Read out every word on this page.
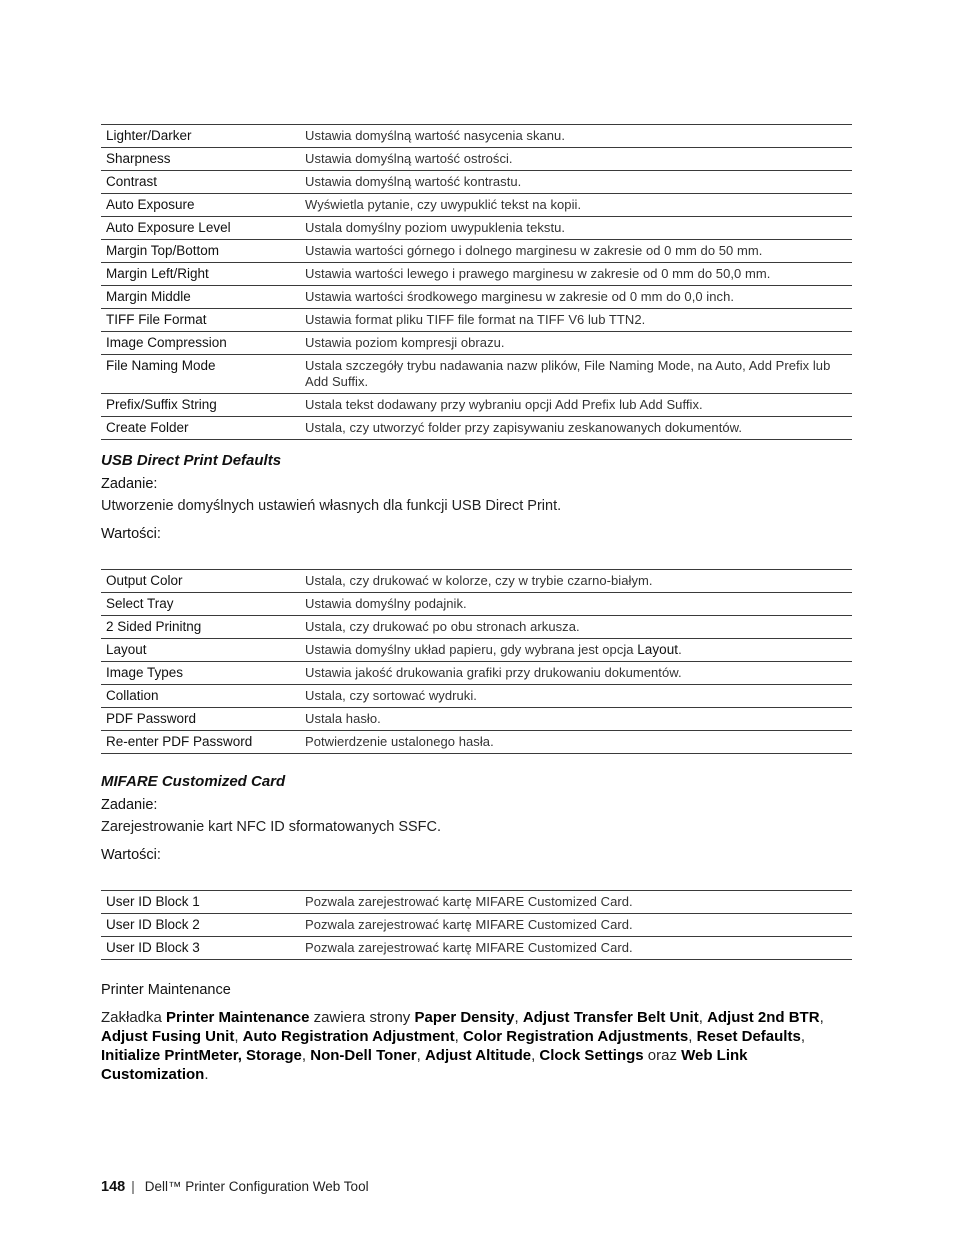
Lighter/Darker	Ustawia domyślną wartość nasycenia skanu.
Sharpness	Ustawia domyślną wartość ostrości.
Contrast	Ustawia domyślną wartość kontrastu.
Auto Exposure	Wyświetla pytanie, czy uwypuklić tekst na kopii.
Auto Exposure Level	Ustala domyślny poziom uwypuklenia tekstu.
Margin Top/Bottom	Ustawia wartości górnego i dolnego marginesu w zakresie od 0 mm do 50 mm.
Margin Left/Right	Ustawia wartości lewego i prawego marginesu w zakresie od 0 mm do 50,0 mm.
Margin Middle	Ustawia wartości środkowego marginesu w zakresie od 0 mm do 0,0 inch.
TIFF File Format	Ustawia format pliku TIFF file format na TIFF V6 lub TTN2.
Image Compression	Ustawia poziom kompresji obrazu.
File Naming Mode	Ustala szczegóły trybu nadawania nazw plików, File Naming Mode, na Auto, Add Prefix lub Add Suffix.
Prefix/Suffix String	Ustala tekst dodawany przy wybraniu opcji Add Prefix lub Add Suffix.
Create Folder	Ustala, czy utworzyć folder przy zapisywaniu zeskanowanych dokumentów.
USB Direct Print Defaults
Zadanie:
Utworzenie domyślnych ustawień własnych dla funkcji USB Direct Print.
Wartości:
Output Color	Ustala, czy drukować w kolorze, czy w trybie czarno-białym.
Select Tray	Ustawia domyślny podajnik.
2 Sided Prinitng	Ustala, czy drukować po obu stronach arkusza.
Layout	Ustawia domyślny układ papieru, gdy wybrana jest opcja Layout.
Image Types	Ustawia jakość drukowania grafiki przy drukowaniu dokumentów.
Collation	Ustala, czy sortować wydruki.
PDF Password	Ustala hasło.
Re-enter PDF Password	Potwierdzenie ustalonego hasła.
MIFARE Customized Card
Zadanie:
Zarejestrowanie kart NFC ID sformatowanych SSFC.
Wartości:
User ID Block 1	Pozwala zarejestrować kartę MIFARE Customized Card.
User ID Block 2	Pozwala zarejestrować kartę MIFARE Customized Card.
User ID Block 3	Pozwala zarejestrować kartę MIFARE Customized Card.
Printer Maintenance
Zakładka Printer Maintenance zawiera strony Paper Density, Adjust Transfer Belt Unit, Adjust 2nd BTR, Adjust Fusing Unit, Auto Registration Adjustment, Color Registration Adjustments, Reset Defaults, Initialize PrintMeter, Storage, Non-Dell Toner, Adjust Altitude, Clock Settings oraz Web Link Customization.
148 | Dell™ Printer Configuration Web Tool
